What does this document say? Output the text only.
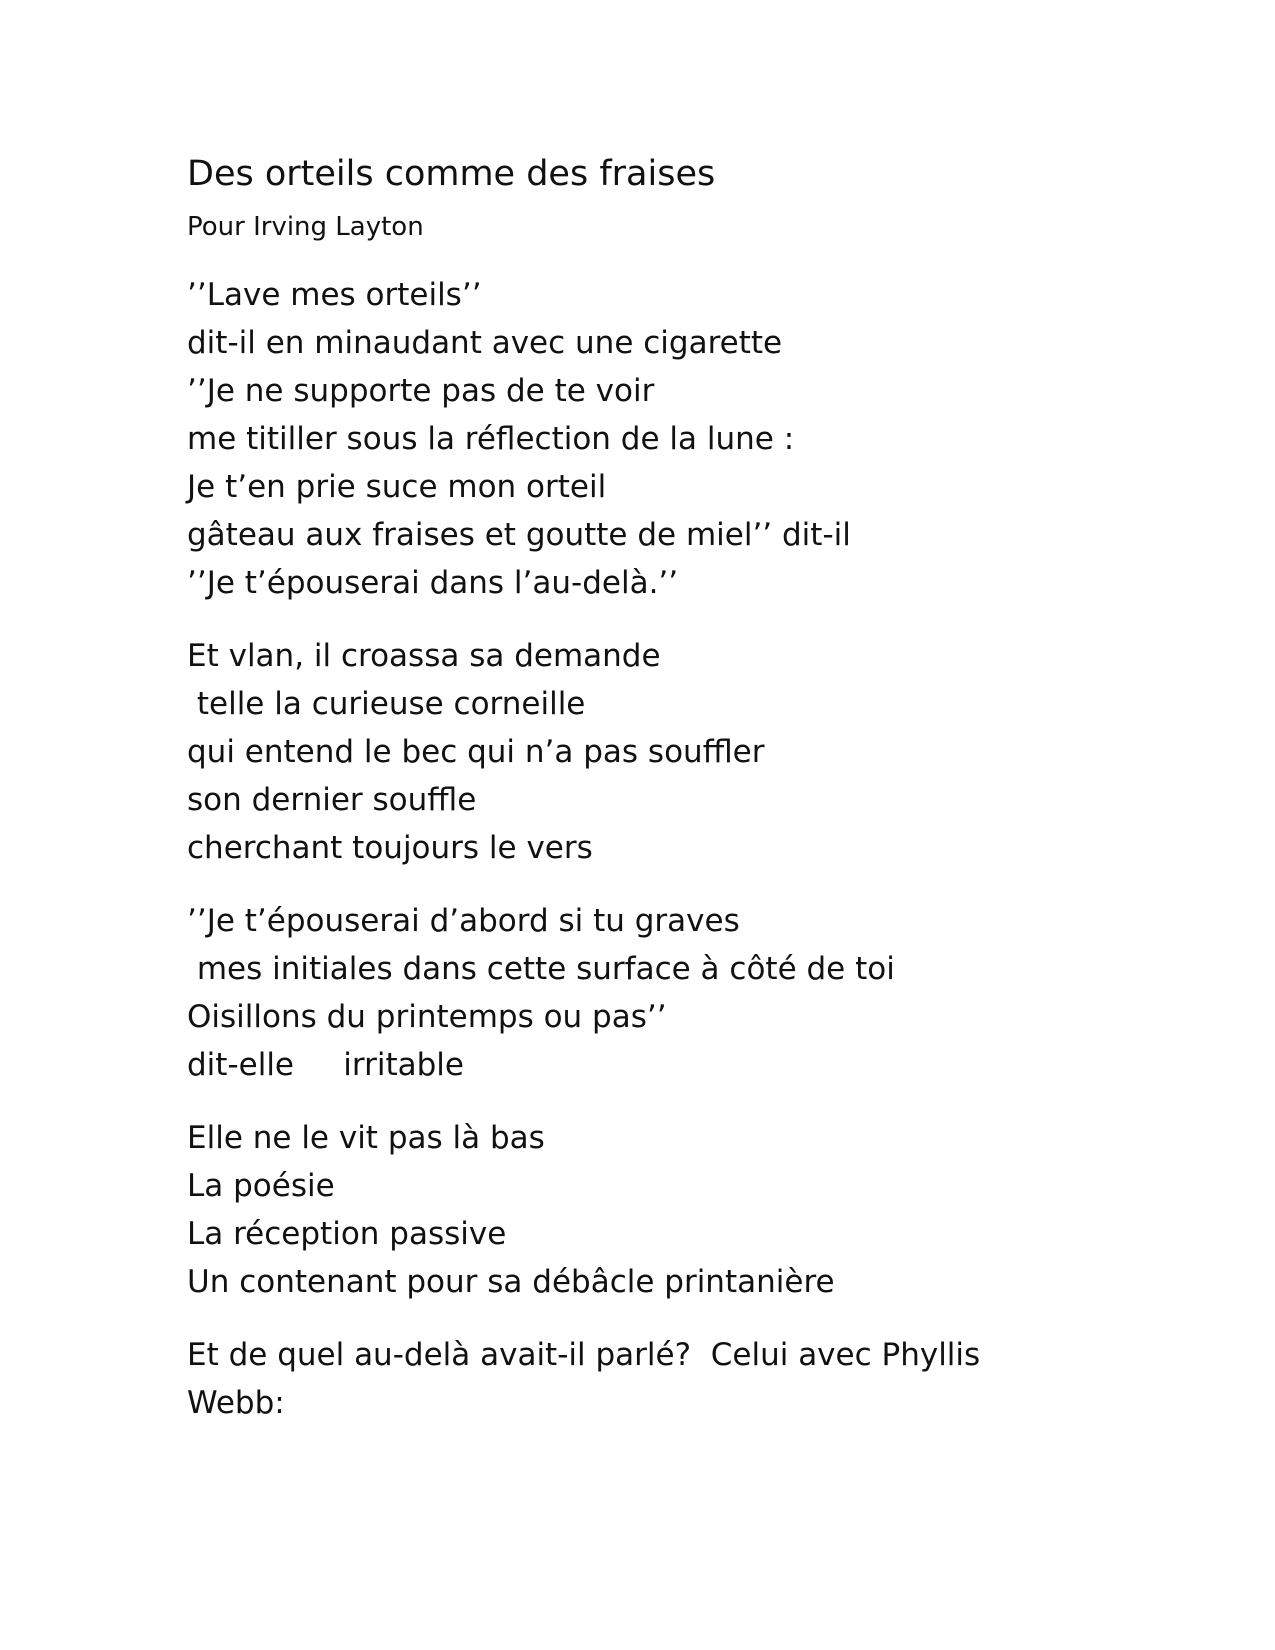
Des orteils comme des fraises

Pour Irving Layton

’’Lave mes orteils’’
dit-il en minaudant avec une cigarette
’’Je ne supporte pas de te voir
me titiller sous la réflection de la lune :
Je t’en prie suce mon orteil
gâteau aux fraises et goutte de miel’’ dit-il
’’Je t’épouserai dans l’au-delà.’’
Et vlan, il croassa sa demande
telle la curieuse corneille
qui entend le bec qui n’a pas souffler
son dernier souffle
cherchant toujours le vers
’’Je t’épouserai d’abord si tu graves
mes initiales dans cette surface à côté de toi
Oisillons du printemps ou pas’’
dit-elle     irritable
Elle ne le vit pas là bas
La poésie
La réception passive
Un contenant pour sa débâcle printanière
Et de quel au-delà avait-il parlé?  Celui avec Phyllis
Webb:
